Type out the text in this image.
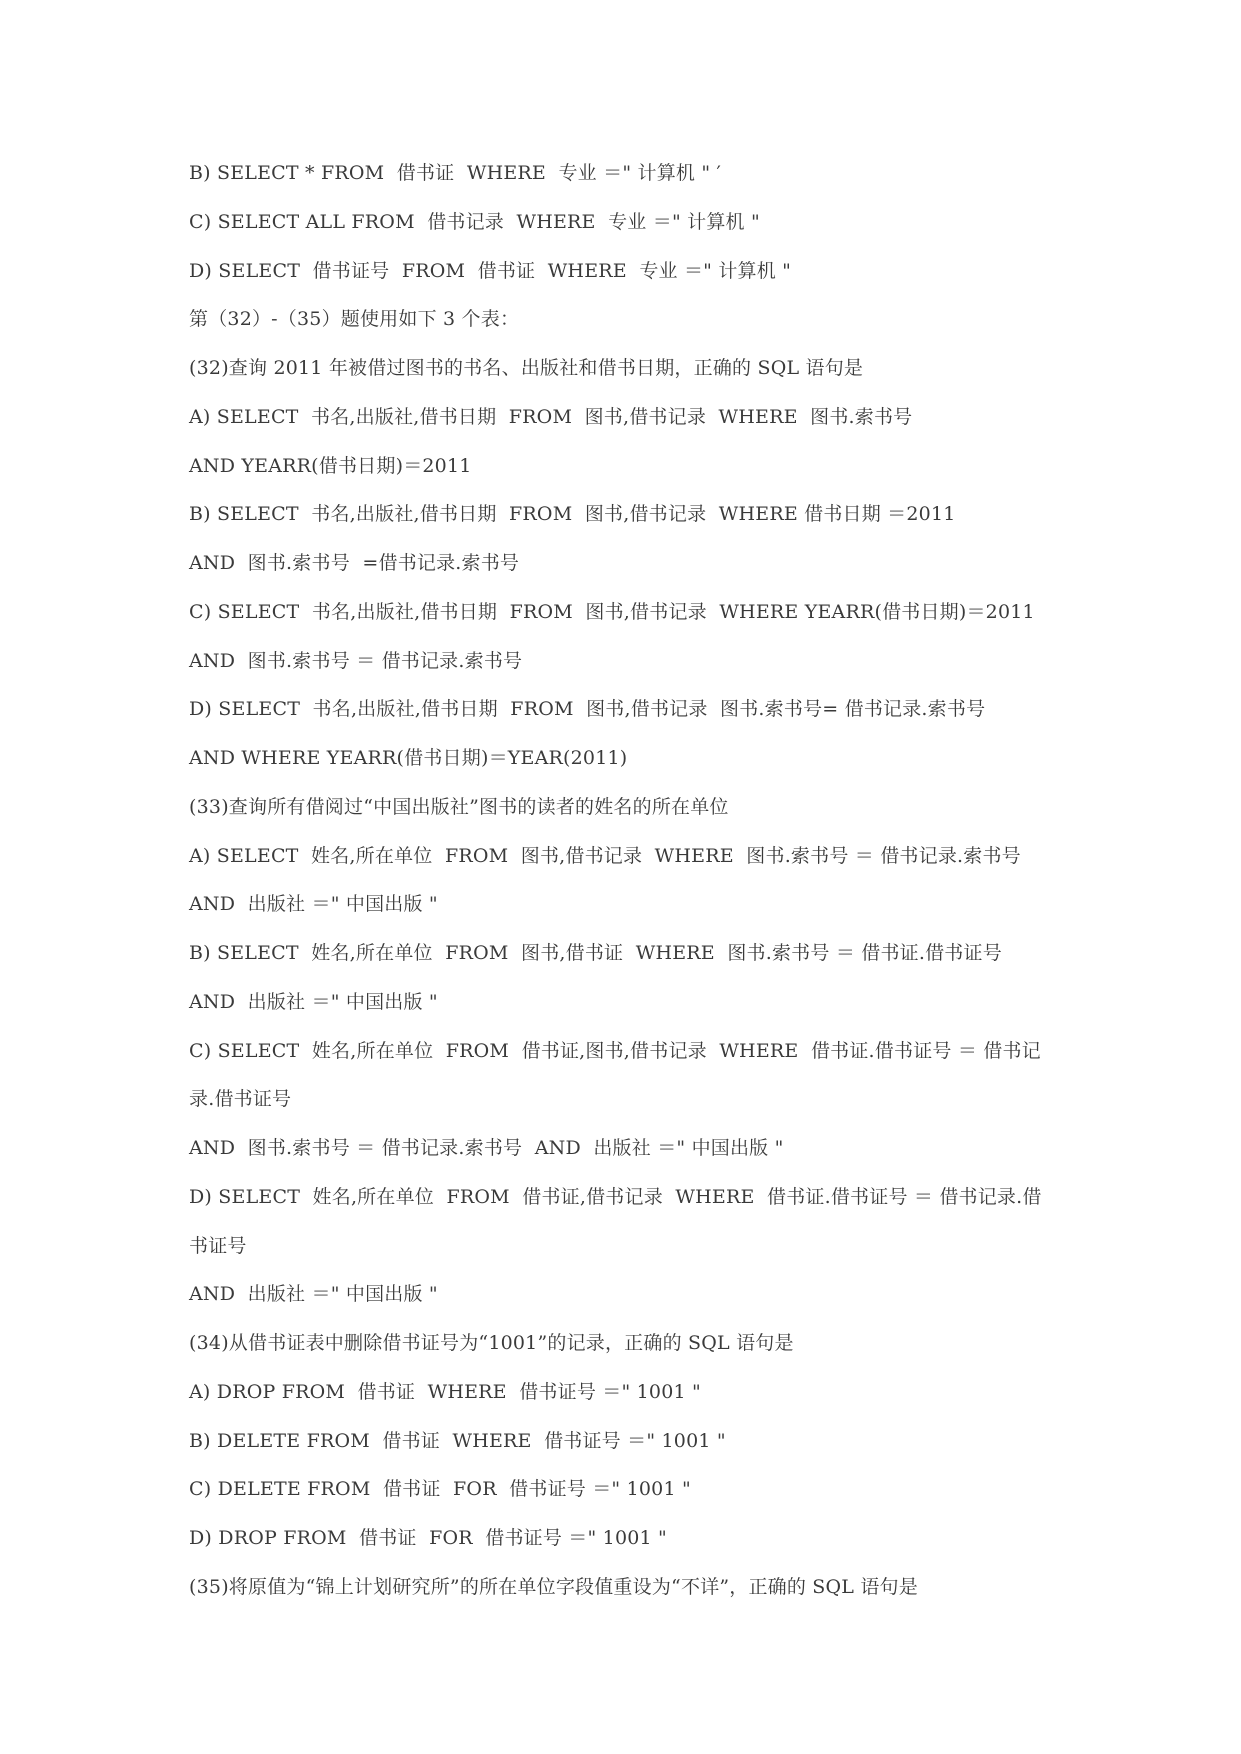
B) SELECT * FROM  借书证  WHERE  专业 ＝" 计算机 " ′
C) SELECT ALL FROM  借书记录  WHERE  专业 ＝" 计算机 "
D) SELECT  借书证号  FROM  借书证  WHERE  专业 ＝" 计算机 "
第（32）-（35）题使用如下 3 个表：
(32)查询 2011 年被借过图书的书名、出版社和借书日期，正确的 SQL 语句是
A) SELECT  书名,出版社,借书日期  FROM  图书,借书记录  WHERE  图书.索书号
AND YEARR(借书日期)＝2011
B) SELECT  书名,出版社,借书日期  FROM  图书,借书记录  WHERE 借书日期 ＝2011
AND  图书.索书号  =借书记录.索书号
C) SELECT  书名,出版社,借书日期  FROM  图书,借书记录  WHERE YEARR(借书日期)＝2011
AND  图书.索书号 ＝ 借书记录.索书号
D) SELECT  书名,出版社,借书日期  FROM  图书,借书记录  图书.索书号= 借书记录.索书号
AND WHERE YEARR(借书日期)＝YEAR(2011)
(33)查询所有借阅过“中国出版社”图书的读者的姓名的所在单位
A) SELECT  姓名,所在单位  FROM  图书,借书记录  WHERE  图书.索书号 ＝ 借书记录.索书号
AND  出版社 ＝" 中国出版 "
B) SELECT  姓名,所在单位  FROM  图书,借书证  WHERE  图书.索书号 ＝ 借书证.借书证号
AND  出版社 ＝" 中国出版 "
C) SELECT  姓名,所在单位  FROM  借书证,图书,借书记录  WHERE  借书证.借书证号 ＝ 借书记
录.借书证号
AND  图书.索书号 ＝ 借书记录.索书号  AND  出版社 ＝" 中国出版 "
D) SELECT  姓名,所在单位  FROM  借书证,借书记录  WHERE  借书证.借书证号 ＝ 借书记录.借
书证号
AND  出版社 ＝" 中国出版 "
(34)从借书证表中删除借书证号为“1001”的记录，正确的 SQL 语句是
A) DROP FROM  借书证  WHERE  借书证号 ＝" 1001 "
B) DELETE FROM  借书证  WHERE  借书证号 ＝" 1001 "
C) DELETE FROM  借书证  FOR  借书证号 ＝" 1001 "
D) DROP FROM  借书证  FOR  借书证号 ＝" 1001 "
(35)将原值为“锦上计划研究所”的所在单位字段值重设为“不详”，正确的 SQL 语句是
